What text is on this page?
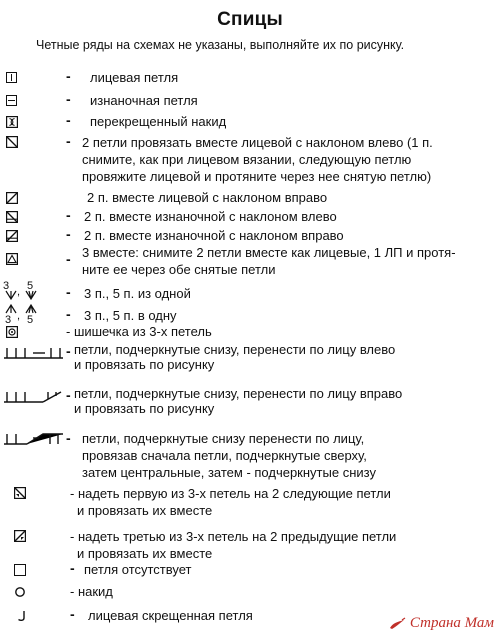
Спицы
Четные ряды на схемах не указаны, выполняйте их по рисунку.
- лицевая петля
- изнаночная петля
- перекрещенный накид
- 2 петли провязать вместе лицевой с наклоном влево (1 п.
снимите, как при лицевом вязании, следующую петлю
провяжите лицевой и протяните через нее снятую петлю)
2 п. вместе лицевой с наклоном вправо
- 2 п. вместе изнаночной с наклоном влево
- 2 п. вместе изнаночной с наклоном вправо
- 3 вместе: снимите 2 петли вместе как лицевые, 1 ЛП и протя-
ните ее через обе снятые петли
3 , 5 - 3 п., 5 п. из одной
3 , 5 - 3 п., 5 п. в одну
- шишечка из 3-х петель
- петли, подчеркнутые снизу, перенести по лицу влево
и провязать по рисунку
- петли, подчеркнутые снизу, перенести по лицу вправо
и провязать по рисунку
- петли, подчеркнутые снизу перенести по лицу,
провязав сначала петли, подчеркнутые сверху,
затем центральные, затем - подчеркнутые снизу
- надеть первую из 3-х петель на 2 следующие петли
и провязать их вместе
- надеть третью из 3-х петель на 2 предыдущие петли
и провязать их вместе
- петля отсутствует
- накид
- лицевая скрещенная петля	Страна Мам
